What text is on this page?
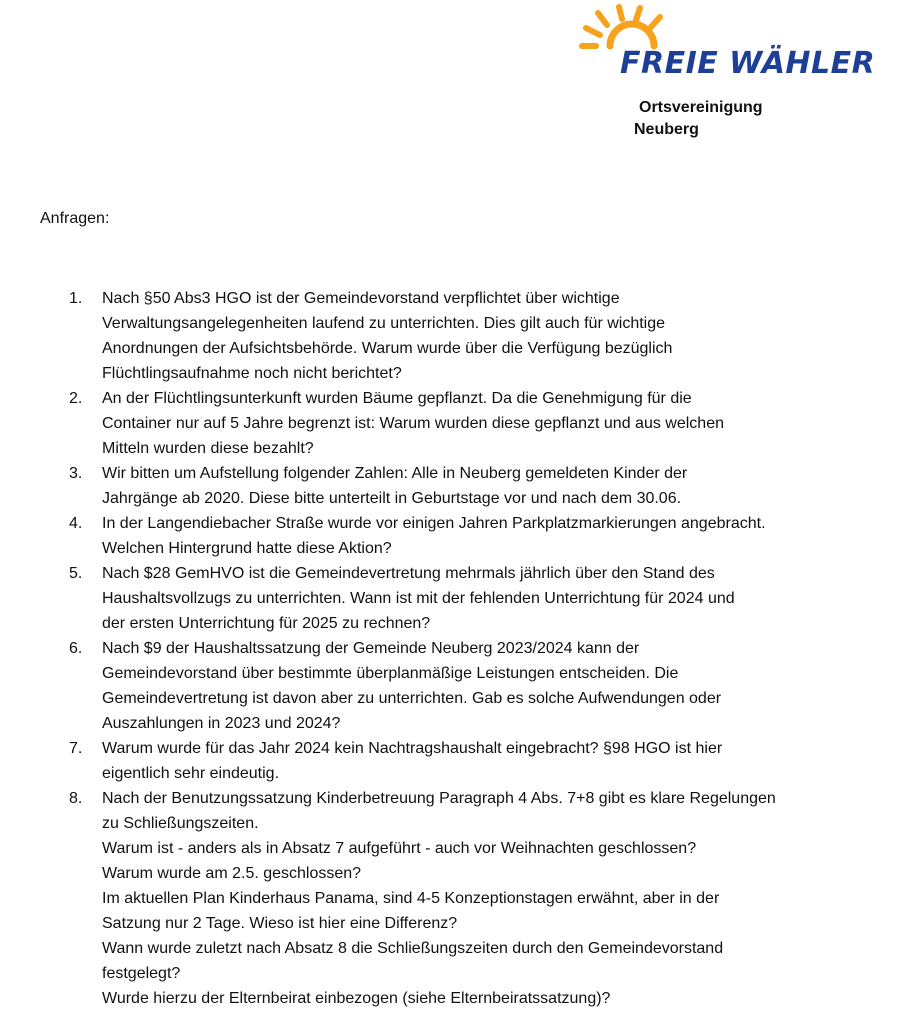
FREIE WÄHLER
Ortsvereinigung
Neuberg
Anfragen:
1.	Nach §50 Abs3 HGO ist der Gemeindevorstand verpflichtet über wichtige
Verwaltungsangelegenheiten laufend zu unterrichten. Dies gilt auch für wichtige
Anordnungen der Aufsichtsbehörde. Warum wurde über die Verfügung bezüglich
Flüchtlingsaufnahme noch nicht berichtet?
2.	An der Flüchtlingsunterkunft wurden Bäume gepflanzt. Da die Genehmigung für die
Container nur auf 5 Jahre begrenzt ist: Warum wurden diese gepflanzt und aus welchen
Mitteln wurden diese bezahlt?
3.	Wir bitten um Aufstellung folgender Zahlen: Alle in Neuberg gemeldeten Kinder der
Jahrgänge ab 2020. Diese bitte unterteilt in Geburtstage vor und nach dem 30.06.
4.	In der Langendiebacher Straße wurde vor einigen Jahren Parkplatzmarkierungen angebracht.
Welchen Hintergrund hatte diese Aktion?
5.	Nach $28 GemHVO ist die Gemeindevertretung mehrmals jährlich über den Stand des
Haushaltsvollzugs zu unterrichten. Wann ist mit der fehlenden Unterrichtung für 2024 und
der ersten Unterrichtung für 2025 zu rechnen?
6.	Nach $9 der Haushaltssatzung der Gemeinde Neuberg 2023/2024 kann der
Gemeindevorstand über bestimmte überplanmäßige Leistungen entscheiden. Die
Gemeindevertretung ist davon aber zu unterrichten. Gab es solche Aufwendungen oder
Auszahlungen in 2023 und 2024?
7.	Warum wurde für das Jahr 2024 kein Nachtragshaushalt eingebracht? §98 HGO ist hier
eigentlich sehr eindeutig.
8.	Nach der Benutzungssatzung Kinderbetreuung Paragraph 4 Abs. 7+8 gibt es klare Regelungen
zu Schließungszeiten.
Warum ist - anders als in Absatz 7 aufgeführt - auch vor Weihnachten geschlossen?
Warum wurde am 2.5. geschlossen?
Im aktuellen Plan Kinderhaus Panama, sind 4-5 Konzeptionstagen erwähnt, aber in der
Satzung nur 2 Tage. Wieso ist hier eine Differenz?
Wann wurde zuletzt nach Absatz 8 die Schließungszeiten durch den Gemeindevorstand
festgelegt?
Wurde hierzu der Elternbeirat einbezogen (siehe Elternbeiratssatzung)?
